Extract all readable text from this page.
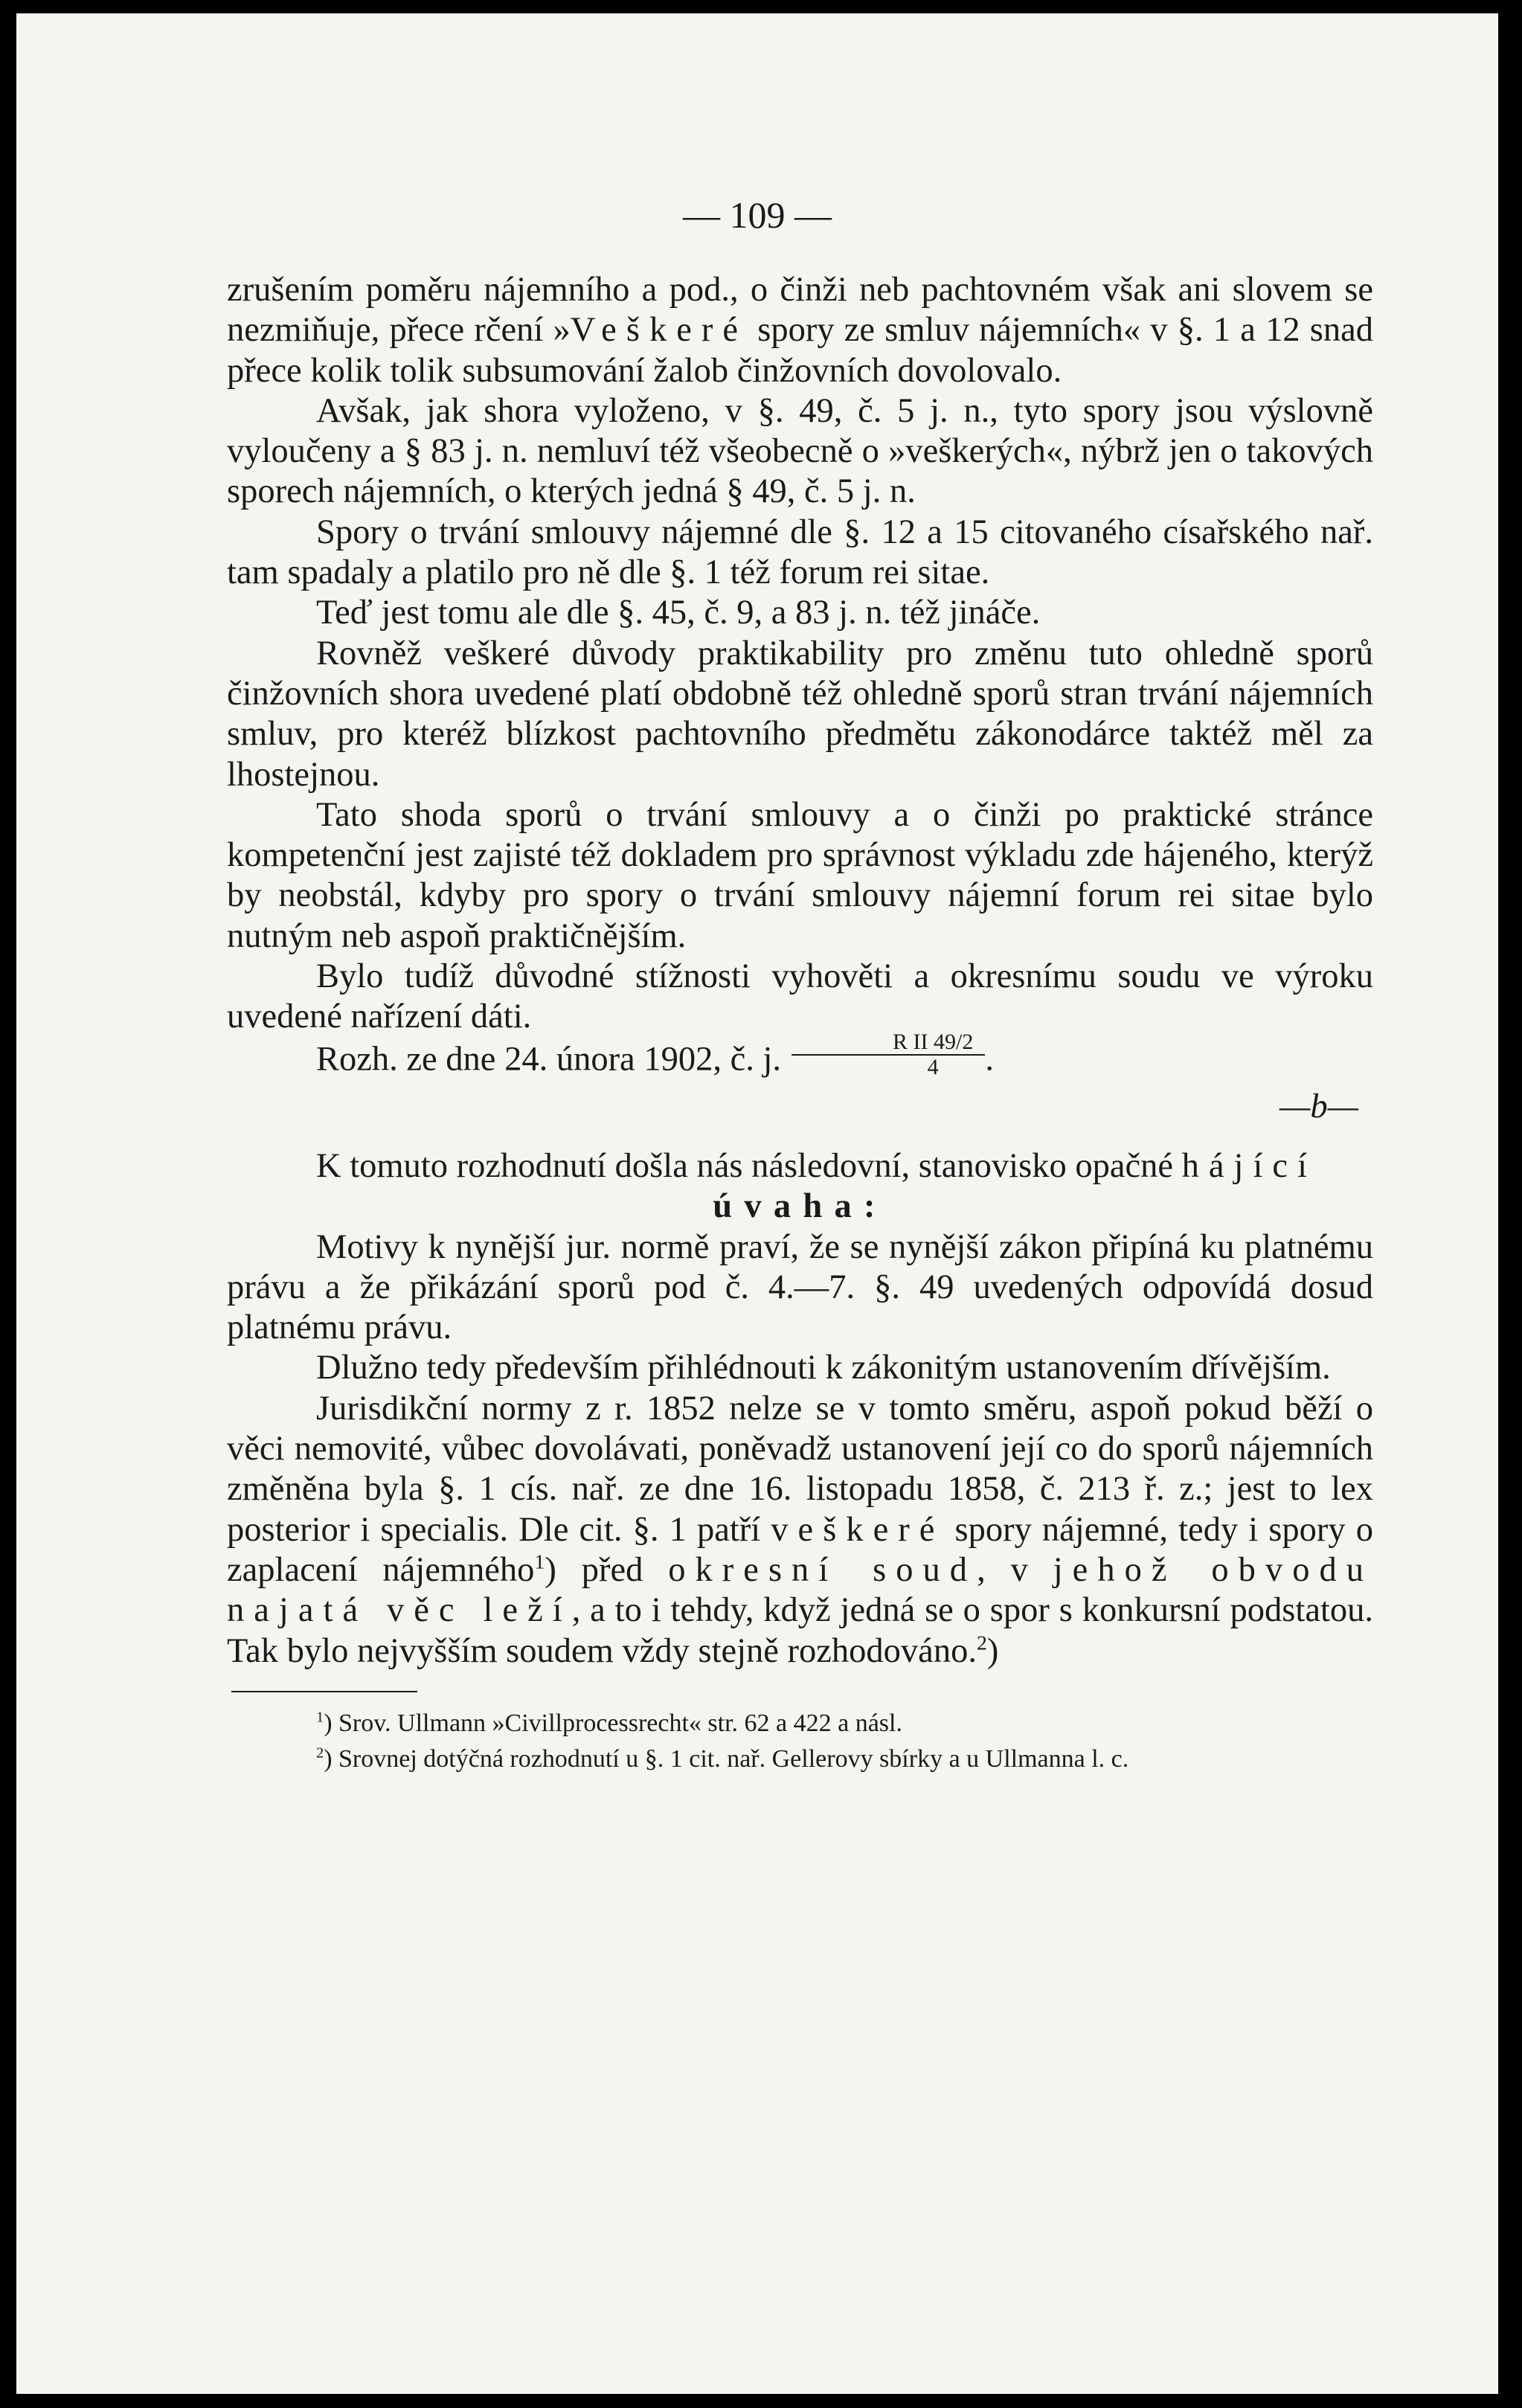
— 109 —

zrušením poměru nájemního a pod., o činži neb pachtovném však ani slovem se nezmiňuje, přece rčení »Veškeré spory ze smluv nájemních« v §. 1 a 12 snad přece kolik tolik subsumování žalob činžovních dovolovalo.

Avšak, jak shora vyloženo, v §. 49, č. 5 j. n., tyto spory jsou výslovně vyloučeny a § 83 j. n. nemluví též všeobecně o »veškerých«, nýbrž jen o takových sporech nájemních, o kterých jedná § 49, č. 5 j. n.

Spory o trvání smlouvy nájemné dle §. 12 a 15 citovaného císařského nař. tam spadaly a platilo pro ně dle §. 1 též forum rei sitae.

Teď jest tomu ale dle §. 45, č. 9, a 83 j. n. též jináče.

Rovněž veškeré důvody praktikability pro změnu tuto ohledně sporů činžovních shora uvedené platí obdobně též ohledně sporů stran trvání nájemních smluv, pro kteréž blízkost pachtovního předmětu zákonodárce taktéž měl za lhostejnou.

Tato shoda sporů o trvání smlouvy a o činži po praktické stránce kompetenční jest zajisté též dokladem pro správnost výkladu zde hájeného, kterýž by neobstál, kdyby pro spory o trvání smlouvy nájemní forum rei sitae bylo nutným neb aspoň praktičnějším.

Bylo tudíž důvodné stížnosti vyhověti a okresnímu soudu ve výroku uvedené nařízení dáti.

Rozh. ze dne 24. února 1902, č. j. $\frac{\text{R II 49/2}}{4}$ .

—b—

K tomuto rozhodnutí došla nás následovní, stanovisko opačné hájící

úvaha:

Motivy k nynější jur. normě praví, že se nynější zákon připíná ku platnému právu a že přikázání sporů pod č. 4.—7. §. 49 uvedených odpovídá dosud platnému právu.

Dlužno tedy především přihlédnouti k zákonitým ustanovením dřívějším.

Jurisdikční normy z r. 1852 nelze se v tomto směru, aspoň pokud běží o věci nemovité, vůbec dovolávati, poněvadž ustanovení její co do sporů nájemních změněna byla §. 1 cís. nař. ze dne 16. listopadu 1858, č. 213 ř. z.; jest to lex posterior i specialis. Dle cit. §. 1 patří veškeré spory nájemné, tedy i spory o zaplacení nájemného$^1$) před okresní soud, v jehož obvodu najatá věc leží, a to i tehdy, když jedná se o spor s konkursní podstatou. Tak bylo nejvyšším soudem vždy stejně rozhodováno.$^2$)

$^1$) Srov. Ullmann »Civillprocessrecht« str. 62 a 422 a násl.

$^2$) Srovnej dotýčná rozhodnutí u §. 1 cit. nař. Gellerovy sbírky a u Ullmanna l. c.
